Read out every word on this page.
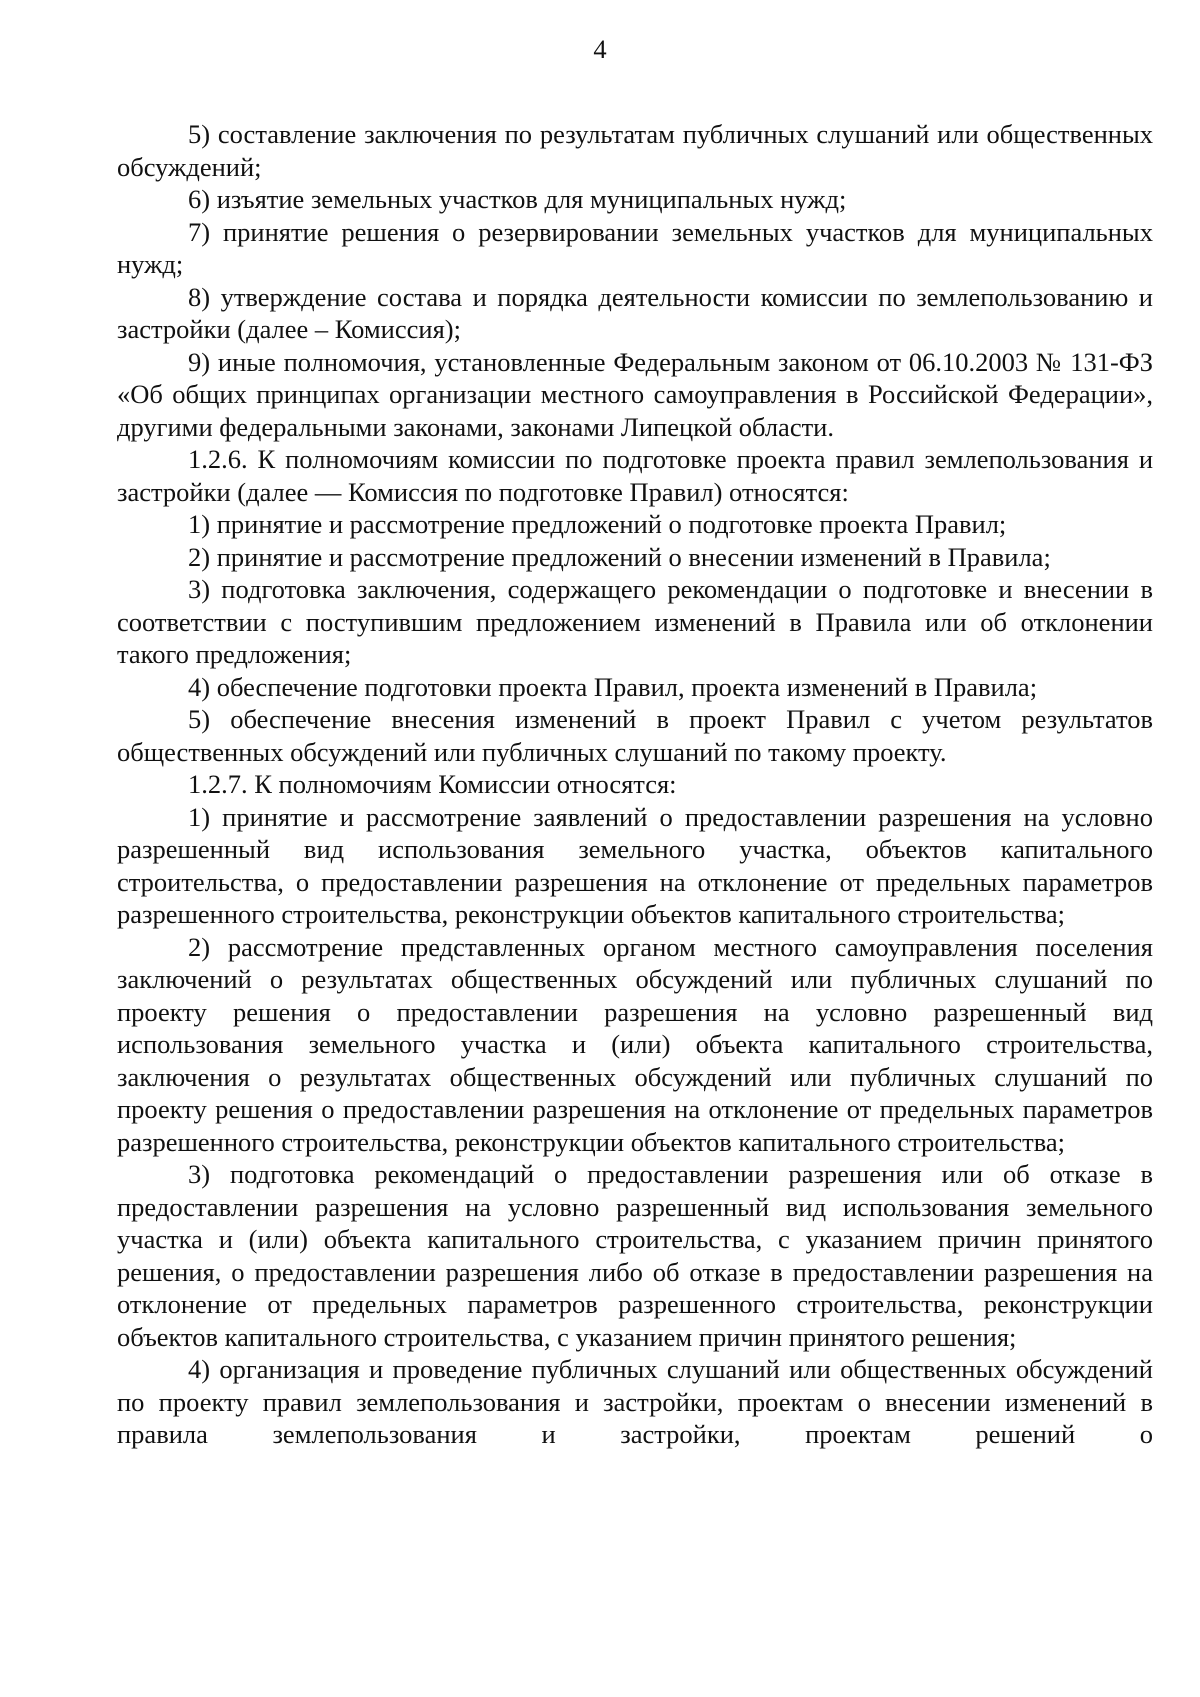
4

5) составление заключения по результатам публичных слушаний или общественных обсуждений;

6) изъятие земельных участков для муниципальных нужд;

7) принятие решения о резервировании земельных участков для муниципальных нужд;

8) утверждение состава и порядка деятельности комиссии по землепользованию и застройки (далее – Комиссия);

9) иные полномочия, установленные Федеральным законом от 06.10.2003 № 131-ФЗ «Об общих принципах организации местного самоуправления в Российской Федерации», другими федеральными законами, законами Липецкой области.

1.2.6. К полномочиям комиссии по подготовке проекта правил землепользования и застройки (далее — Комиссия по подготовке Правил) относятся:

1) принятие и рассмотрение предложений о подготовке проекта Правил;

2) принятие и рассмотрение предложений о внесении изменений в Правила;

3) подготовка заключения, содержащего рекомендации о подготовке и внесении в соответствии с поступившим предложением изменений в Правила или об отклонении такого предложения;

4) обеспечение подготовки проекта Правил, проекта изменений в Правила;

5) обеспечение внесения изменений в проект Правил с учетом результатов общественных обсуждений или публичных слушаний по такому проекту.

1.2.7. К полномочиям Комиссии относятся:

1) принятие и рассмотрение заявлений о предоставлении разрешения на условно разрешенный вид использования земельного участка, объектов капитального строительства, о предоставлении разрешения на отклонение от предельных параметров разрешенного строительства, реконструкции объектов капитального строительства;

2) рассмотрение представленных органом местного самоуправления поселения заключений о результатах общественных обсуждений или публичных слушаний по проекту решения о предоставлении разрешения на условно разрешенный вид использования земельного участка и (или) объекта капитального строительства, заключения о результатах общественных обсуждений или публичных слушаний по проекту решения о предоставлении разрешения на отклонение от предельных параметров разрешенного строительства, реконструкции объектов капитального строительства;

3) подготовка рекомендаций о предоставлении разрешения или об отказе в предоставлении разрешения на условно разрешенный вид использования земельного участка и (или) объекта капитального строительства, с указанием причин принятого решения, о предоставлении разрешения либо об отказе в предоставлении разрешения на отклонение от предельных параметров разрешенного строительства, реконструкции объектов капитального строительства, с указанием причин принятого решения;

4) организация и проведение публичных слушаний или общественных обсуждений по проекту правил землепользования и застройки, проектам о внесении изменений в правила землепользования и застройки, проектам решений о
